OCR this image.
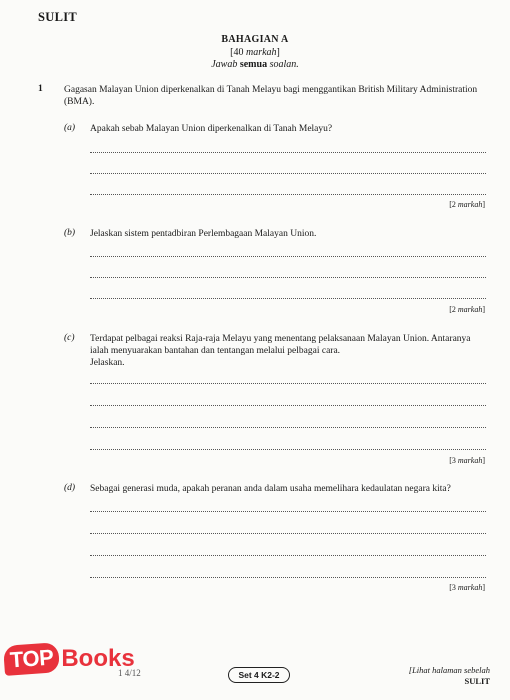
SULIT
BAHAGIAN A
[40 markah]
Jawab semua soalan.
1 Gagasan Malayan Union diperkenalkan di Tanah Melayu bagi menggantikan British Military Administration (BMA).
(a) Apakah sebab Malayan Union diperkenalkan di Tanah Melayu?
[2 markah]
(b) Jelaskan sistem pentadbiran Perlembagaan Malayan Union.
[2 markah]
(c) Terdapat pelbagai reaksi Raja-raja Melayu yang menentang pelaksanaan Malayan Union. Antaranya ialah menyuarakan bantahan dan tentangan melalui pelbagai cara.
Jelaskan.
[3 markah]
(d) Sebagai generasi muda, apakah peranan anda dalam usaha memelihara kedaulatan negara kita?
[3 markah]
1 4/12	Set 4 K2-2	[Lihat halaman sebelah
SULIT
TOP Books
